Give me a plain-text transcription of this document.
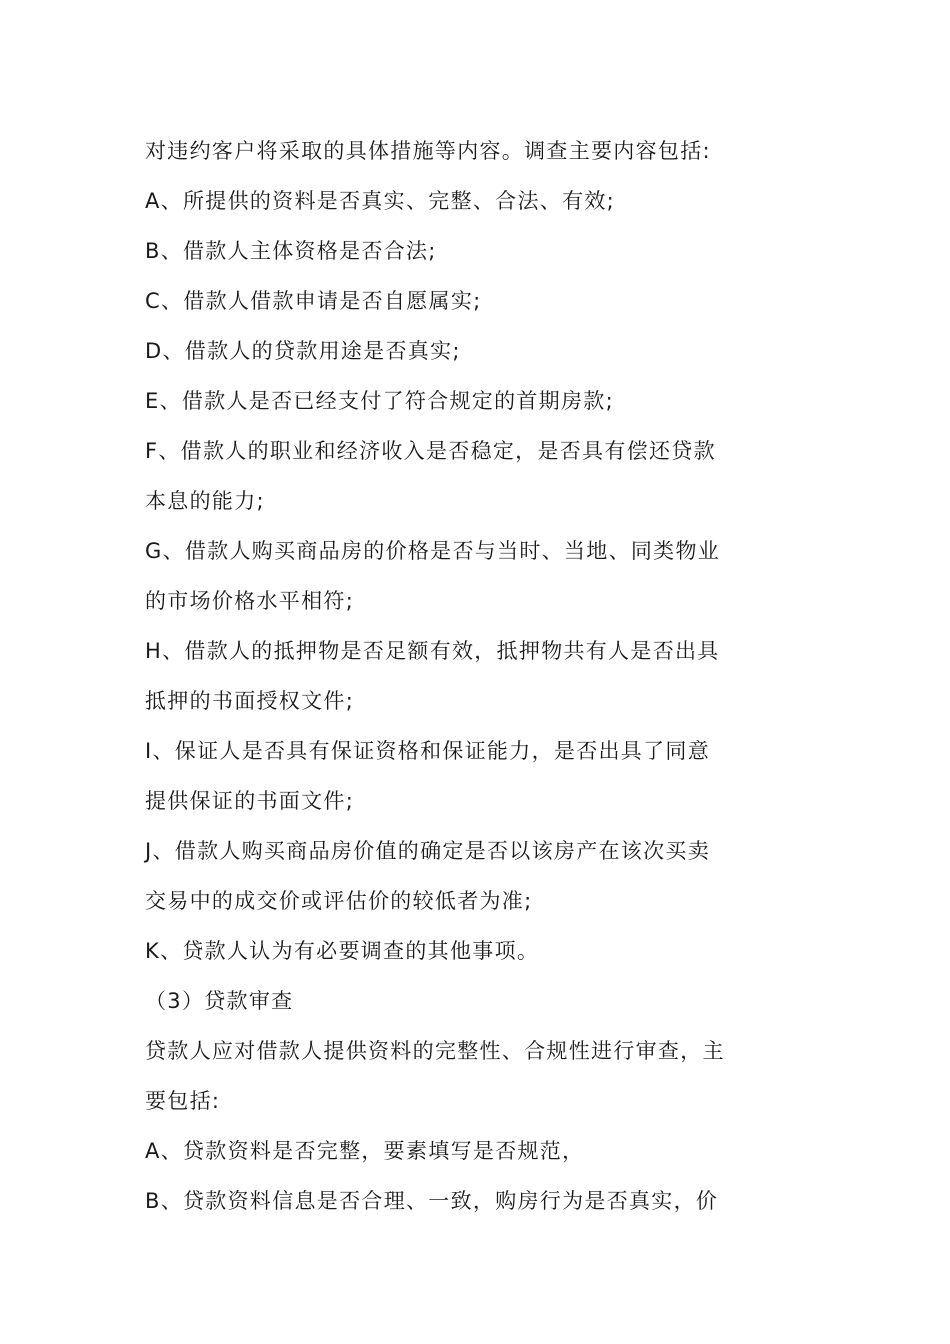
对违约客户将采取的具体措施等内容。调查主要内容包括:
A、所提供的资料是否真实、完整、合法、有效;
B、借款人主体资格是否合法;
C、借款人借款申请是否自愿属实;
D、借款人的贷款用途是否真实;
E、借款人是否已经支付了符合规定的首期房款;
F、借款人的职业和经济收入是否稳定，是否具有偿还贷款
本息的能力;
G、借款人购买商品房的价格是否与当时、当地、同类物业
的市场价格水平相符;
H、借款人的抵押物是否足额有效，抵押物共有人是否出具
抵押的书面授权文件;
I、保证人是否具有保证资格和保证能力，是否出具了同意
提供保证的书面文件;
J、借款人购买商品房价值的确定是否以该房产在该次买卖
交易中的成交价或评估价的较低者为准;
K、贷款人认为有必要调查的其他事项。
（3）贷款审查
贷款人应对借款人提供资料的完整性、合规性进行审查，主
要包括:
A、贷款资料是否完整，要素填写是否规范，
B、贷款资料信息是否合理、一致，购房行为是否真实，价
